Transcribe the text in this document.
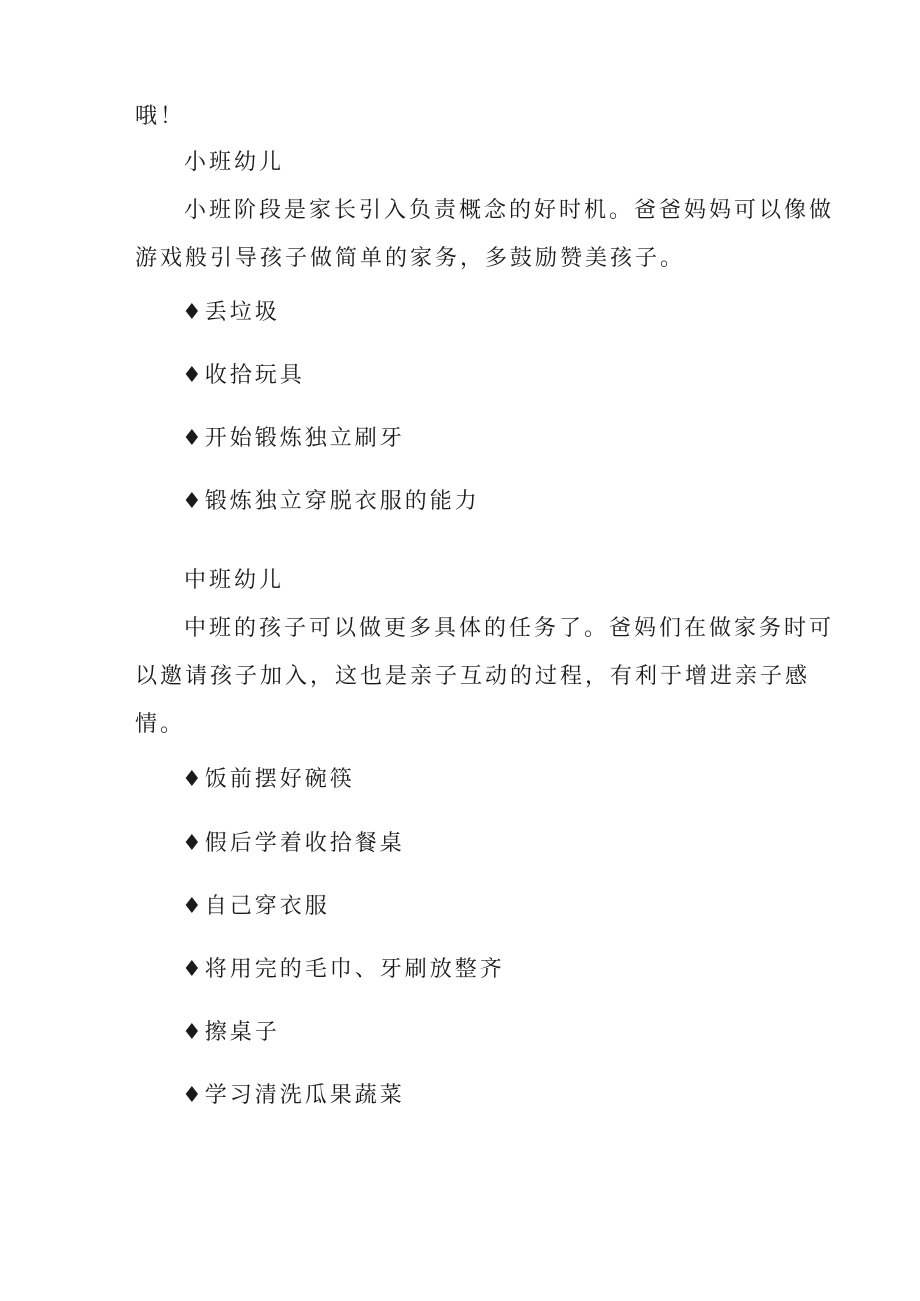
哦！
小班幼儿
小班阶段是家长引入负责概念的好时机。爸爸妈妈可以像做
游戏般引导孩子做简单的家务，多鼓励赞美孩子。
♦丢垃圾
♦收拾玩具
♦开始锻炼独立刷牙
♦锻炼独立穿脱衣服的能力
中班幼儿
中班的孩子可以做更多具体的任务了。爸妈们在做家务时可
以邀请孩子加入，这也是亲子互动的过程，有利于增进亲子感
情。
♦饭前摆好碗筷
♦假后学着收拾餐桌
♦自己穿衣服
♦将用完的毛巾、牙刷放整齐
♦擦桌子
♦学习清洗瓜果蔬菜
